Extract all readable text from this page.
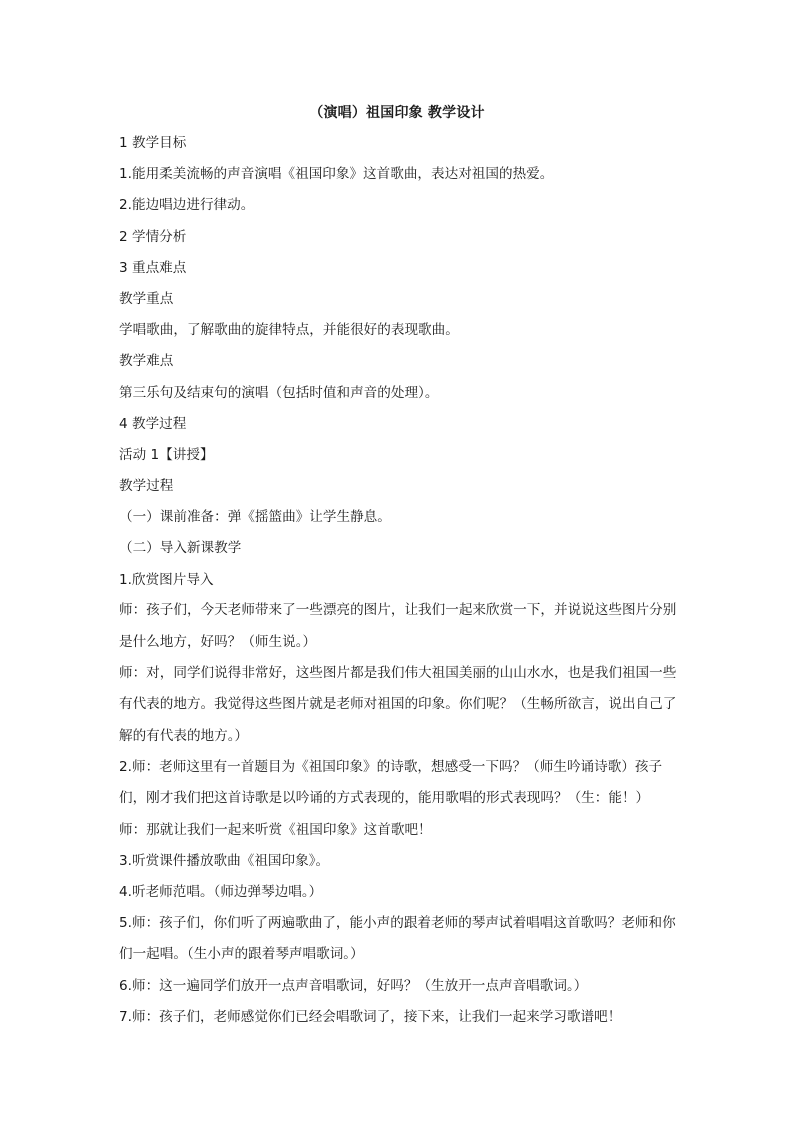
（演唱）祖国印象 教学设计

1 教学目标

1.能用柔美流畅的声音演唱《祖国印象》这首歌曲，表达对祖国的热爱。

2.能边唱边进行律动。

2 学情分析

3 重点难点

教学重点

学唱歌曲，了解歌曲的旋律特点，并能很好的表现歌曲。

教学难点

第三乐句及结束句的演唱（包括时值和声音的处理）。

4 教学过程

活动 1【讲授】

教学过程

（一）课前准备：弹《摇篮曲》让学生静息。

（二）导入新课教学

1.欣赏图片导入

师：孩子们，今天老师带来了一些漂亮的图片，让我们一起来欣赏一下，并说说这些图片分别是什么地方，好吗？（师生说。）

师：对，同学们说得非常好，这些图片都是我们伟大祖国美丽的山山水水，也是我们祖国一些有代表的地方。我觉得这些图片就是老师对祖国的印象。你们呢？（生畅所欲言，说出自己了解的有代表的地方。）

2.师：老师这里有一首题目为《祖国印象》的诗歌，想感受一下吗？（师生吟诵诗歌）孩子们，刚才我们把这首诗歌是以吟诵的方式表现的，能用歌唱的形式表现吗？（生：能！）

师：那就让我们一起来听赏《祖国印象》这首歌吧！

3.听赏课件播放歌曲《祖国印象》。

4.听老师范唱。（师边弹琴边唱。）

5.师：孩子们，你们听了两遍歌曲了，能小声的跟着老师的琴声试着唱唱这首歌吗？老师和你们一起唱。（生小声的跟着琴声唱歌词。）

6.师：这一遍同学们放开一点声音唱歌词，好吗？（生放开一点声音唱歌词。）

7.师：孩子们，老师感觉你们已经会唱歌词了，接下来，让我们一起来学习歌谱吧！
